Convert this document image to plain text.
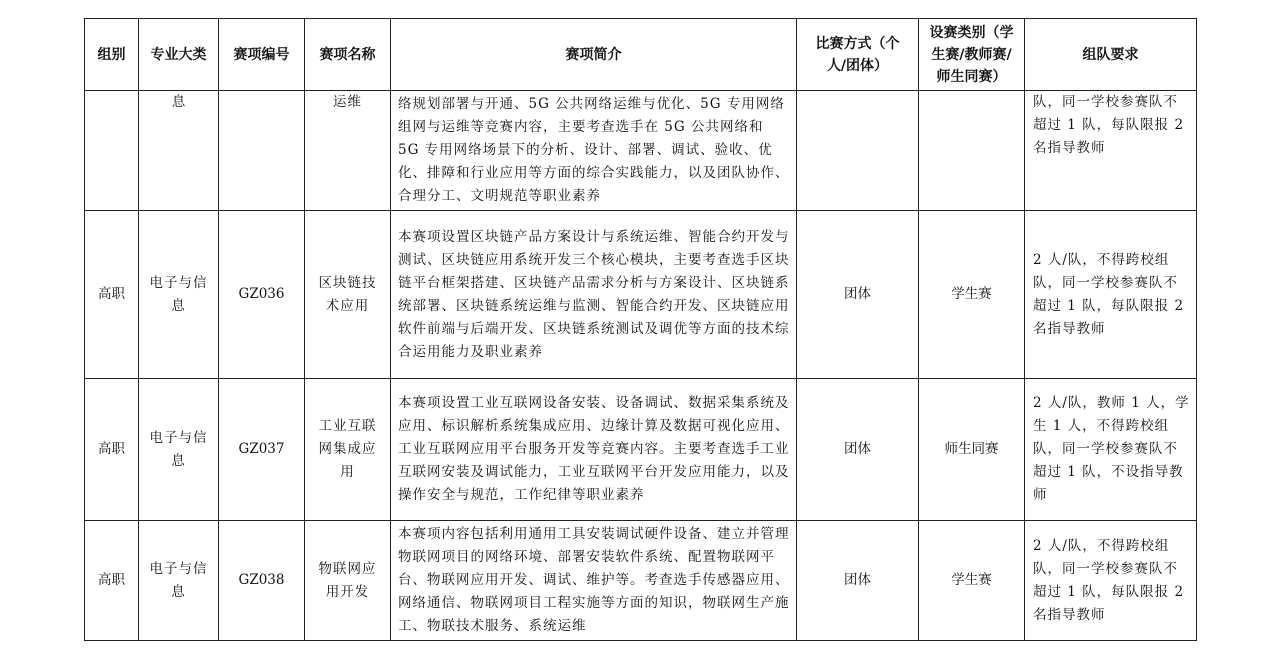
组别	专业大类	赛项编号	赛项名称	赛项简介	比赛方式（个人/团体）	设赛类别（学生赛/教师赛/师生同赛）	组队要求
	息		运维	络规划部署与开通、5G 公共网络运维与优化、5G 专用网络组网与运维等竞赛内容，主要考查选手在 5G 公共网络和 5G 专用网络场景下的分析、设计、部署、调试、验收、优化、排障和行业应用等方面的综合实践能力，以及团队协作、合理分工、文明规范等职业素养			队，同一学校参赛队不超过 1 队，每队限报 2 名指导教师
高职	电子与信息	GZ036	区块链技术应用	本赛项设置区块链产品方案设计与系统运维、智能合约开发与测试、区块链应用系统开发三个核心模块，主要考查选手区块链平台框架搭建、区块链产品需求分析与方案设计、区块链系统部署、区块链系统运维与监测、智能合约开发、区块链应用软件前端与后端开发、区块链系统测试及调优等方面的技术综合运用能力及职业素养	团体	学生赛	2 人/队，不得跨校组队，同一学校参赛队不超过 1 队，每队限报 2 名指导教师
高职	电子与信息	GZ037	工业互联网集成应用	本赛项设置工业互联网设备安装、设备调试、数据采集系统及应用、标识解析系统集成应用、边缘计算及数据可视化应用、工业互联网应用平台服务开发等竞赛内容。主要考查选手工业互联网安装及调试能力，工业互联网平台开发应用能力，以及操作安全与规范，工作纪律等职业素养	团体	师生同赛	2 人/队，教师 1 人，学生 1 人，不得跨校组队，同一学校参赛队不超过 1 队，不设指导教师
高职	电子与信息	GZ038	物联网应用开发	本赛项内容包括利用通用工具安装调试硬件设备、建立并管理物联网项目的网络环境、部署安装软件系统、配置物联网平台、物联网应用开发、调试、维护等。考查选手传感器应用、网络通信、物联网项目工程实施等方面的知识，物联网生产施工、物联技术服务、系统运维	团体	学生赛	2 人/队，不得跨校组队，同一学校参赛队不超过 1 队，每队限报 2 名指导教师
